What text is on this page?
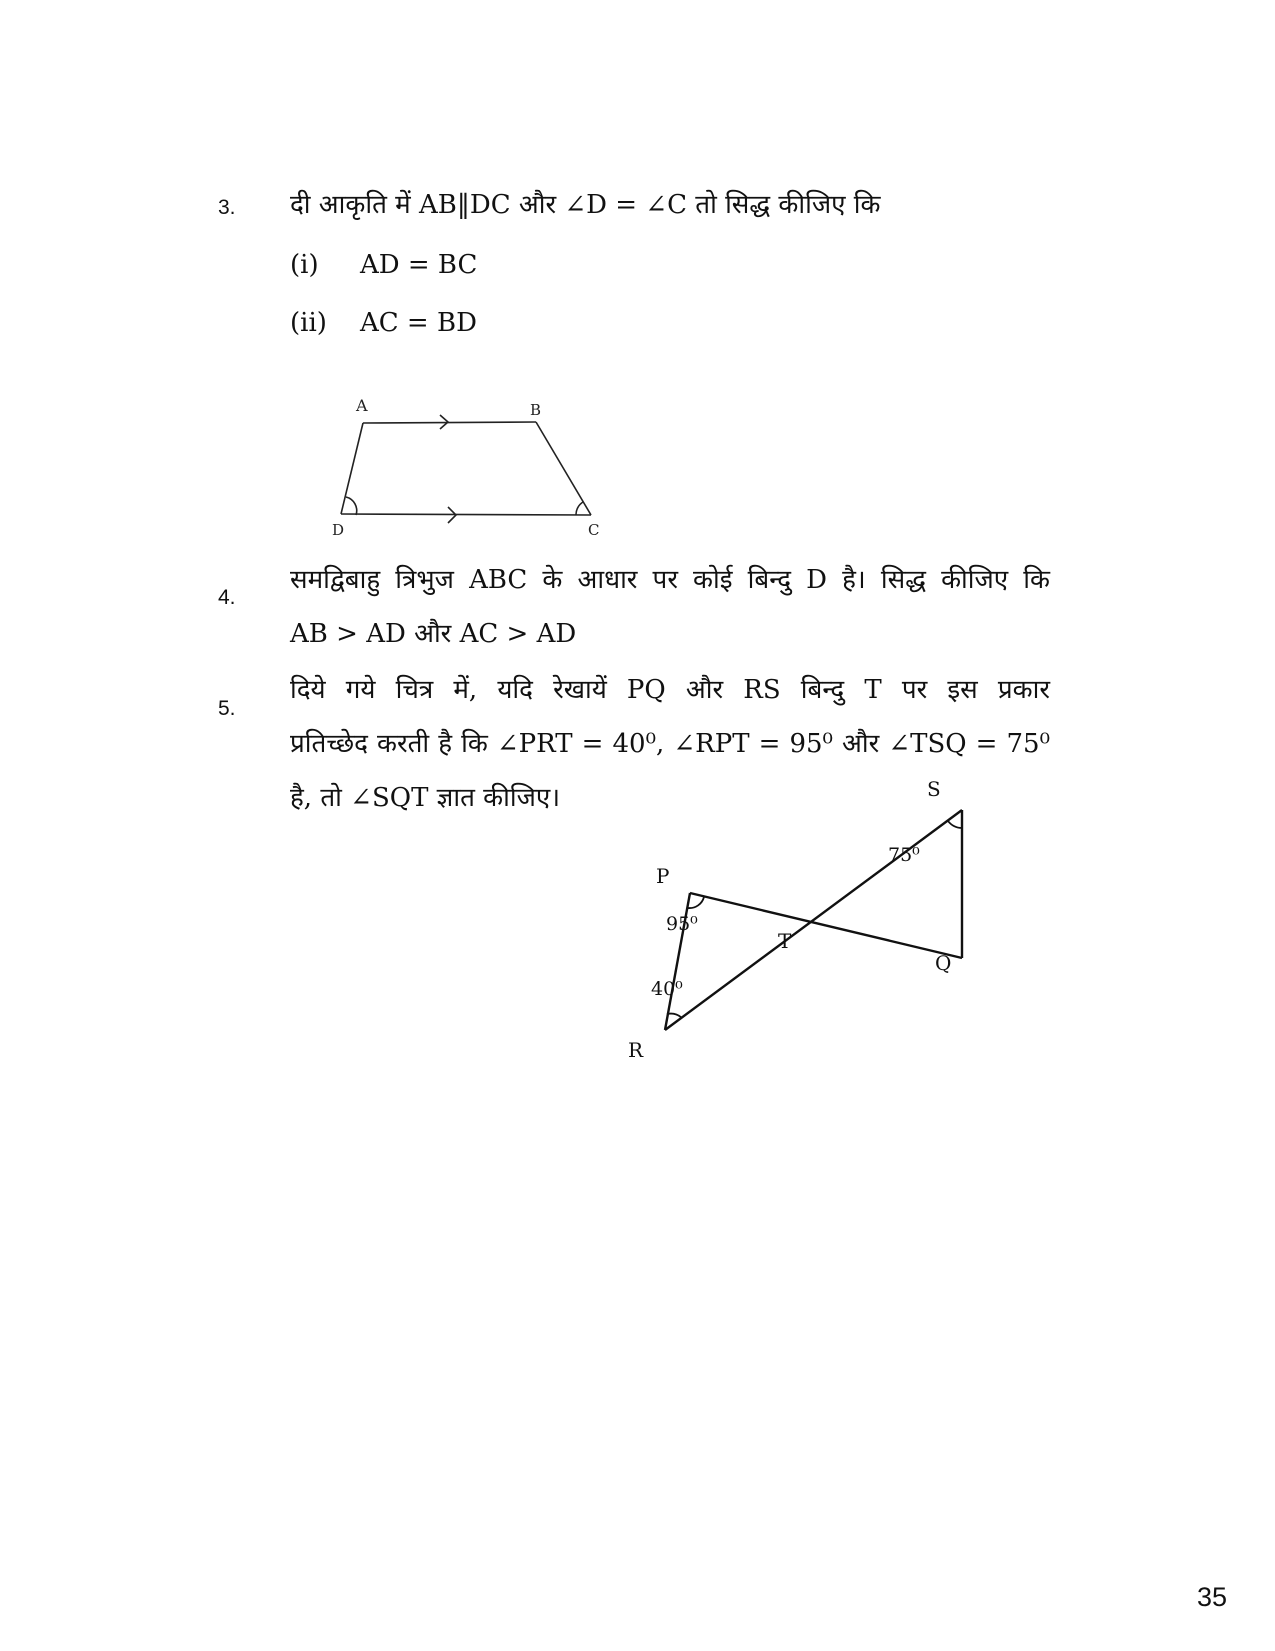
3. दी आकृति में AB‖DC और ∠D = ∠C तो सिद्ध कीजिए कि
(i) AD = BC
(ii) AC = BD
A	B
D	C
4.
समद्विबाहु त्रिभुज ABC के आधार पर कोई बिन्दु D है। सिद्ध कीजिए कि
AB > AD और AC > AD
5.
दिये गये चित्र में, यदि रेखायें PQ और RS बिन्दु T पर इस प्रकार
प्रतिच्छेद करती है कि ∠PRT = 40⁰, ∠RPT = 95⁰ और ∠TSQ = 75⁰
है, तो ∠SQT ज्ञात कीजिए।
P
S
Q
R
T
95⁰
40⁰
75⁰
35
